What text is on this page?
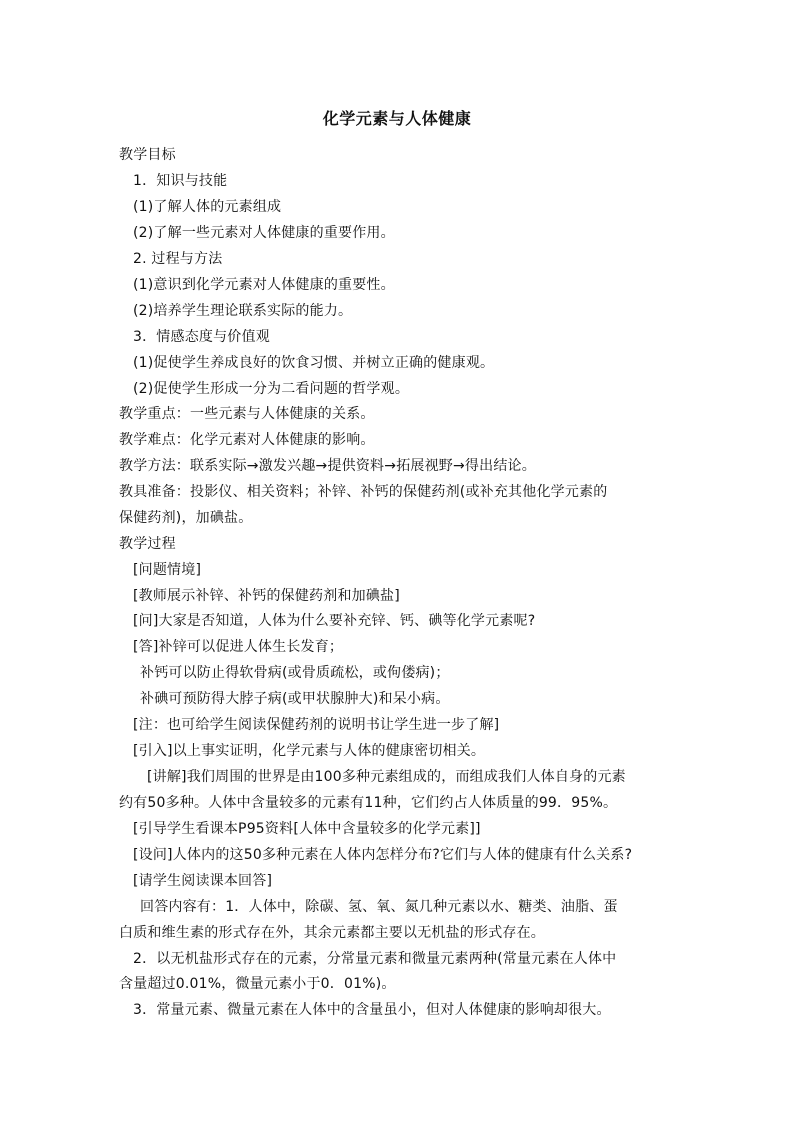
化学元素与人体健康
教学目标
1．知识与技能
(1)了解人体的元素组成
(2)了解一些元素对人体健康的重要作用。
2. 过程与方法
(1)意识到化学元素对人体健康的重要性。
(2)培养学生理论联系实际的能力。
3．情感态度与价值观
(1)促使学生养成良好的饮食习惯、并树立正确的健康观。
(2)促使学生形成一分为二看问题的哲学观。
教学重点：一些元素与人体健康的关系。
教学难点：化学元素对人体健康的影响。
教学方法：联系实际→激发兴趣→提供资料→拓展视野→得出结论。
教具准备：投影仪、相关资料；补锌、补钙的保健药剂(或补充其他化学元素的
保健药剂)，加碘盐。
教学过程
[问题情境]
[教师展示补锌、补钙的保健药剂和加碘盐]
[问]大家是否知道，人体为什么要补充锌、钙、碘等化学元素呢?
[答]补锌可以促进人体生长发育；
补钙可以防止得软骨病(或骨质疏松，或佝偻病)；
补碘可预防得大脖子病(或甲状腺肿大)和呆小病。
[注：也可给学生阅读保健药剂的说明书让学生进一步了解]
[引入]以上事实证明，化学元素与人体的健康密切相关。
[讲解]我们周围的世界是由100多种元素组成的，而组成我们人体自身的元素
约有50多种。人体中含量较多的元素有11种，它们约占人体质量的99．95%。
[引导学生看课本P95资料[人体中含量较多的化学元素]]
[设问]人体内的这50多种元素在人体内怎样分布?它们与人体的健康有什么关系?
[请学生阅读课本回答]
回答内容有：1．人体中，除碳、氢、氧、氮几种元素以水、糖类、油脂、蛋
白质和维生素的形式存在外，其余元素都主要以无机盐的形式存在。
2．以无机盐形式存在的元素，分常量元素和微量元素两种(常量元素在人体中
含量超过0.01%，微量元素小于0．01%)。
3．常量元素、微量元素在人体中的含量虽小，但对人体健康的影响却很大。
